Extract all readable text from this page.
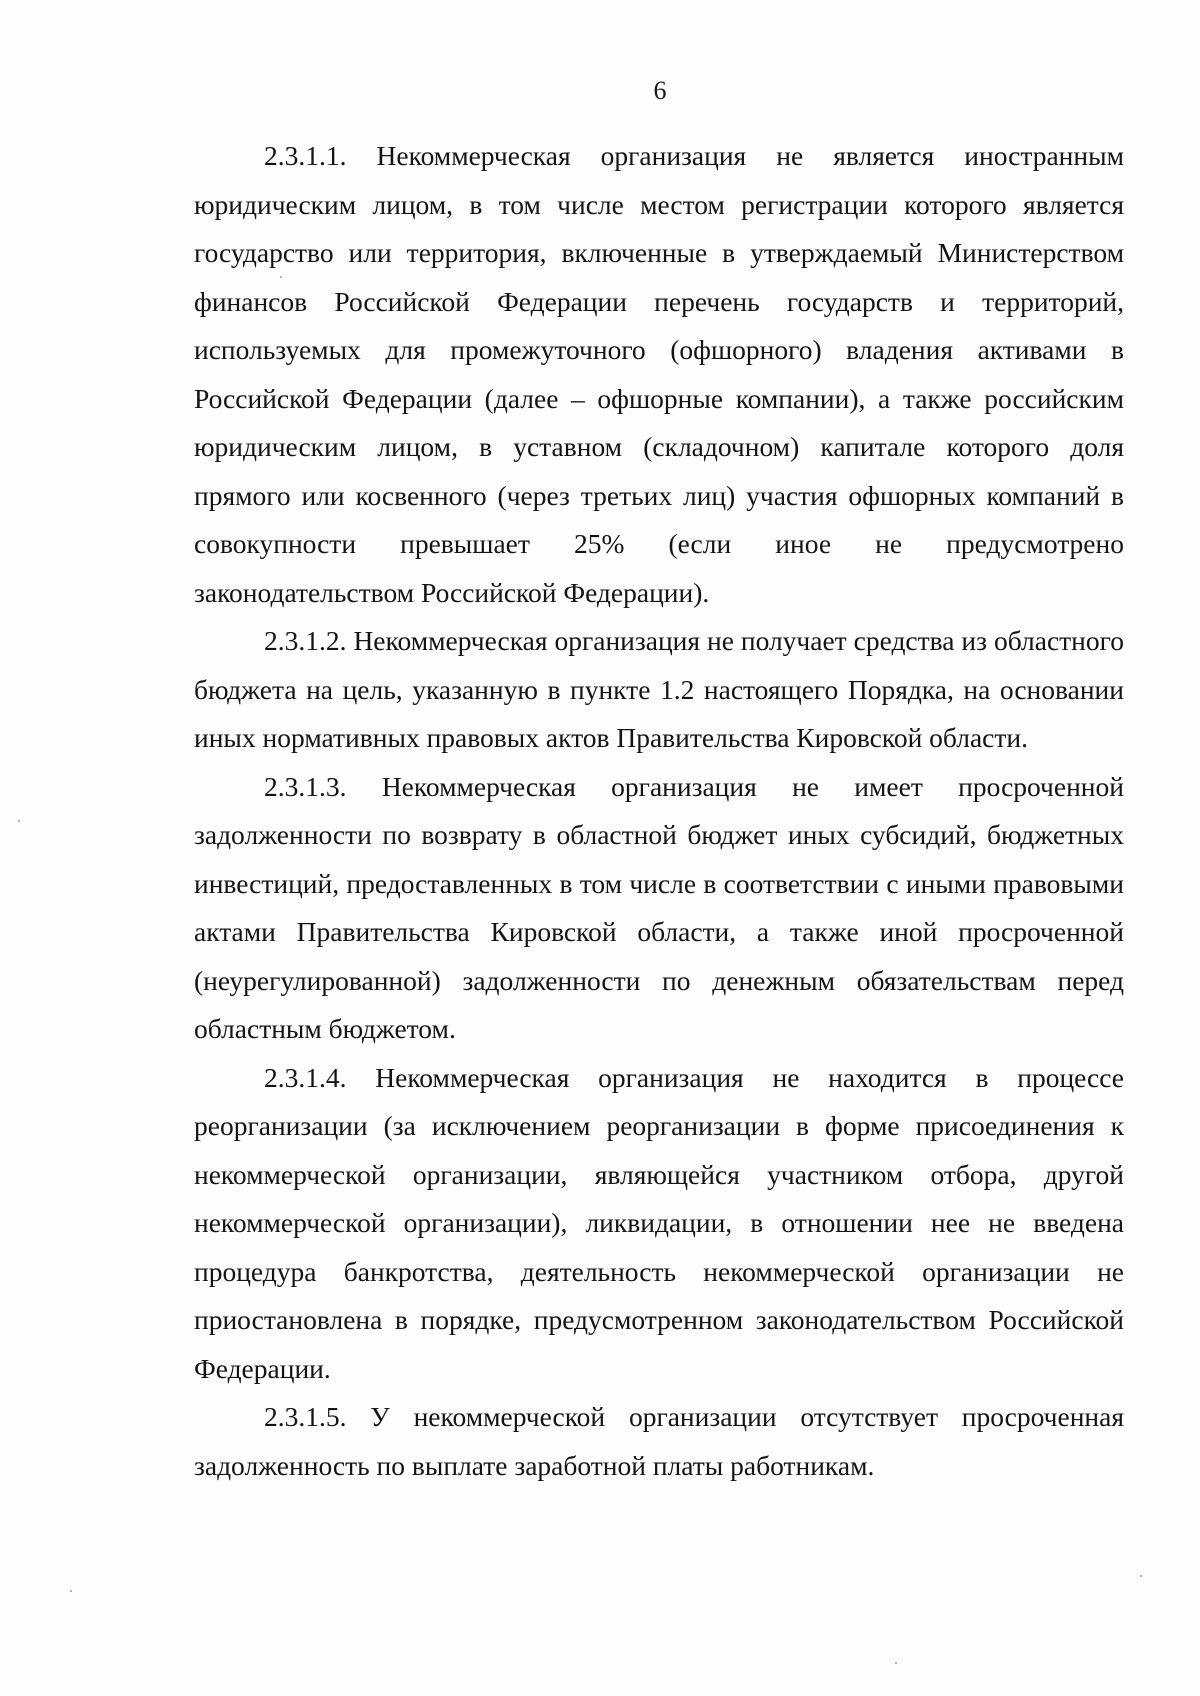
6

2.3.1.1. Некоммерческая организация не является иностранным юридическим лицом, в том числе местом регистрации которого является государство или территория, включенные в утверждаемый Министерством финансов Российской Федерации перечень государств и территорий, используемых для промежуточного (офшорного) владения активами в Российской Федерации (далее – офшорные компании), а также российским юридическим лицом, в уставном (складочном) капитале которого доля прямого или косвенного (через третьих лиц) участия офшорных компаний в совокупности превышает 25% (если иное не предусмотрено законодательством Российской Федерации).

2.3.1.2. Некоммерческая организация не получает средства из областного бюджета на цель, указанную в пункте 1.2 настоящего Порядка, на основании иных нормативных правовых актов Правительства Кировской области.

2.3.1.3. Некоммерческая организация не имеет просроченной задолженности по возврату в областной бюджет иных субсидий, бюджетных инвестиций, предоставленных в том числе в соответствии с иными правовыми актами Правительства Кировской области, а также иной просроченной (неурегулированной) задолженности по денежным обязательствам перед областным бюджетом.

2.3.1.4. Некоммерческая организация не находится в процессе реорганизации (за исключением реорганизации в форме присоединения к некоммерческой организации, являющейся участником отбора, другой некоммерческой организации), ликвидации, в отношении нее не введена процедура банкротства, деятельность некоммерческой организации не приостановлена в порядке, предусмотренном законодательством Российской Федерации.

2.3.1.5. У некоммерческой организации отсутствует просроченная задолженность по выплате заработной платы работникам.
